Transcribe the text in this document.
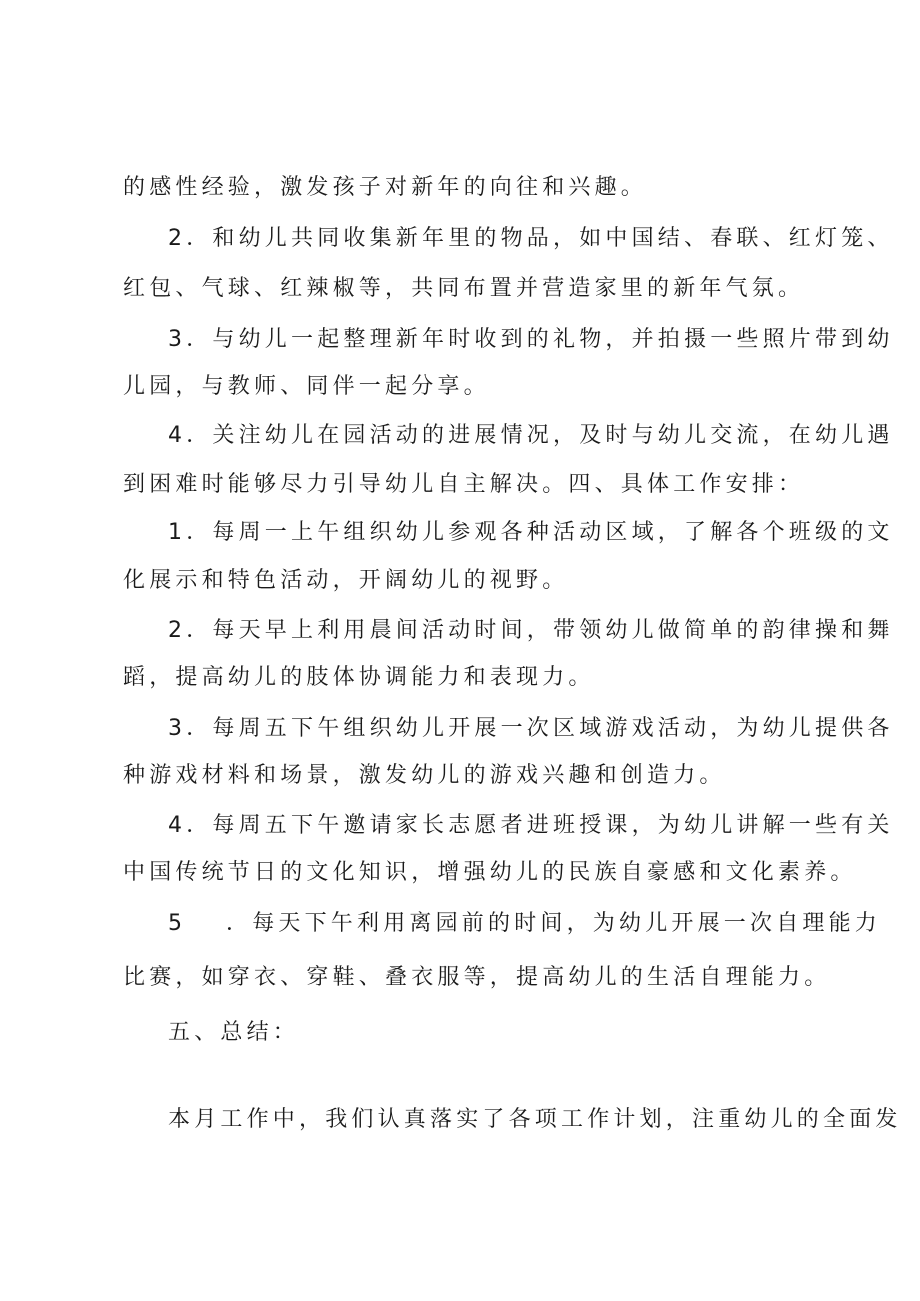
的感性经验，激发孩子对新年的向往和兴趣。
2．和幼儿共同收集新年里的物品，如中国结、春联、红灯笼、
红包、气球、红辣椒等，共同布置并营造家里的新年气氛。
3．与幼儿一起整理新年时收到的礼物，并拍摄一些照片带到幼
儿园，与教师、同伴一起分享。
4．关注幼儿在园活动的进展情况，及时与幼儿交流，在幼儿遇
到困难时能够尽力引导幼儿自主解决。四、具体工作安排：
1．每周一上午组织幼儿参观各种活动区域，了解各个班级的文
化展示和特色活动，开阔幼儿的视野。
2．每天早上利用晨间活动时间，带领幼儿做简单的韵律操和舞
蹈，提高幼儿的肢体协调能力和表现力。
3．每周五下午组织幼儿开展一次区域游戏活动，为幼儿提供各
种游戏材料和场景，激发幼儿的游戏兴趣和创造力。
4．每周五下午邀请家长志愿者进班授课，为幼儿讲解一些有关
中国传统节日的文化知识，增强幼儿的民族自豪感和文化素养。
5 ．每天下午利用离园前的时间，为幼儿开展一次自理能力
比赛，如穿衣、穿鞋、叠衣服等，提高幼儿的生活自理能力。
五、总结：
本月工作中，我们认真落实了各项工作计划，注重幼儿的全面发
